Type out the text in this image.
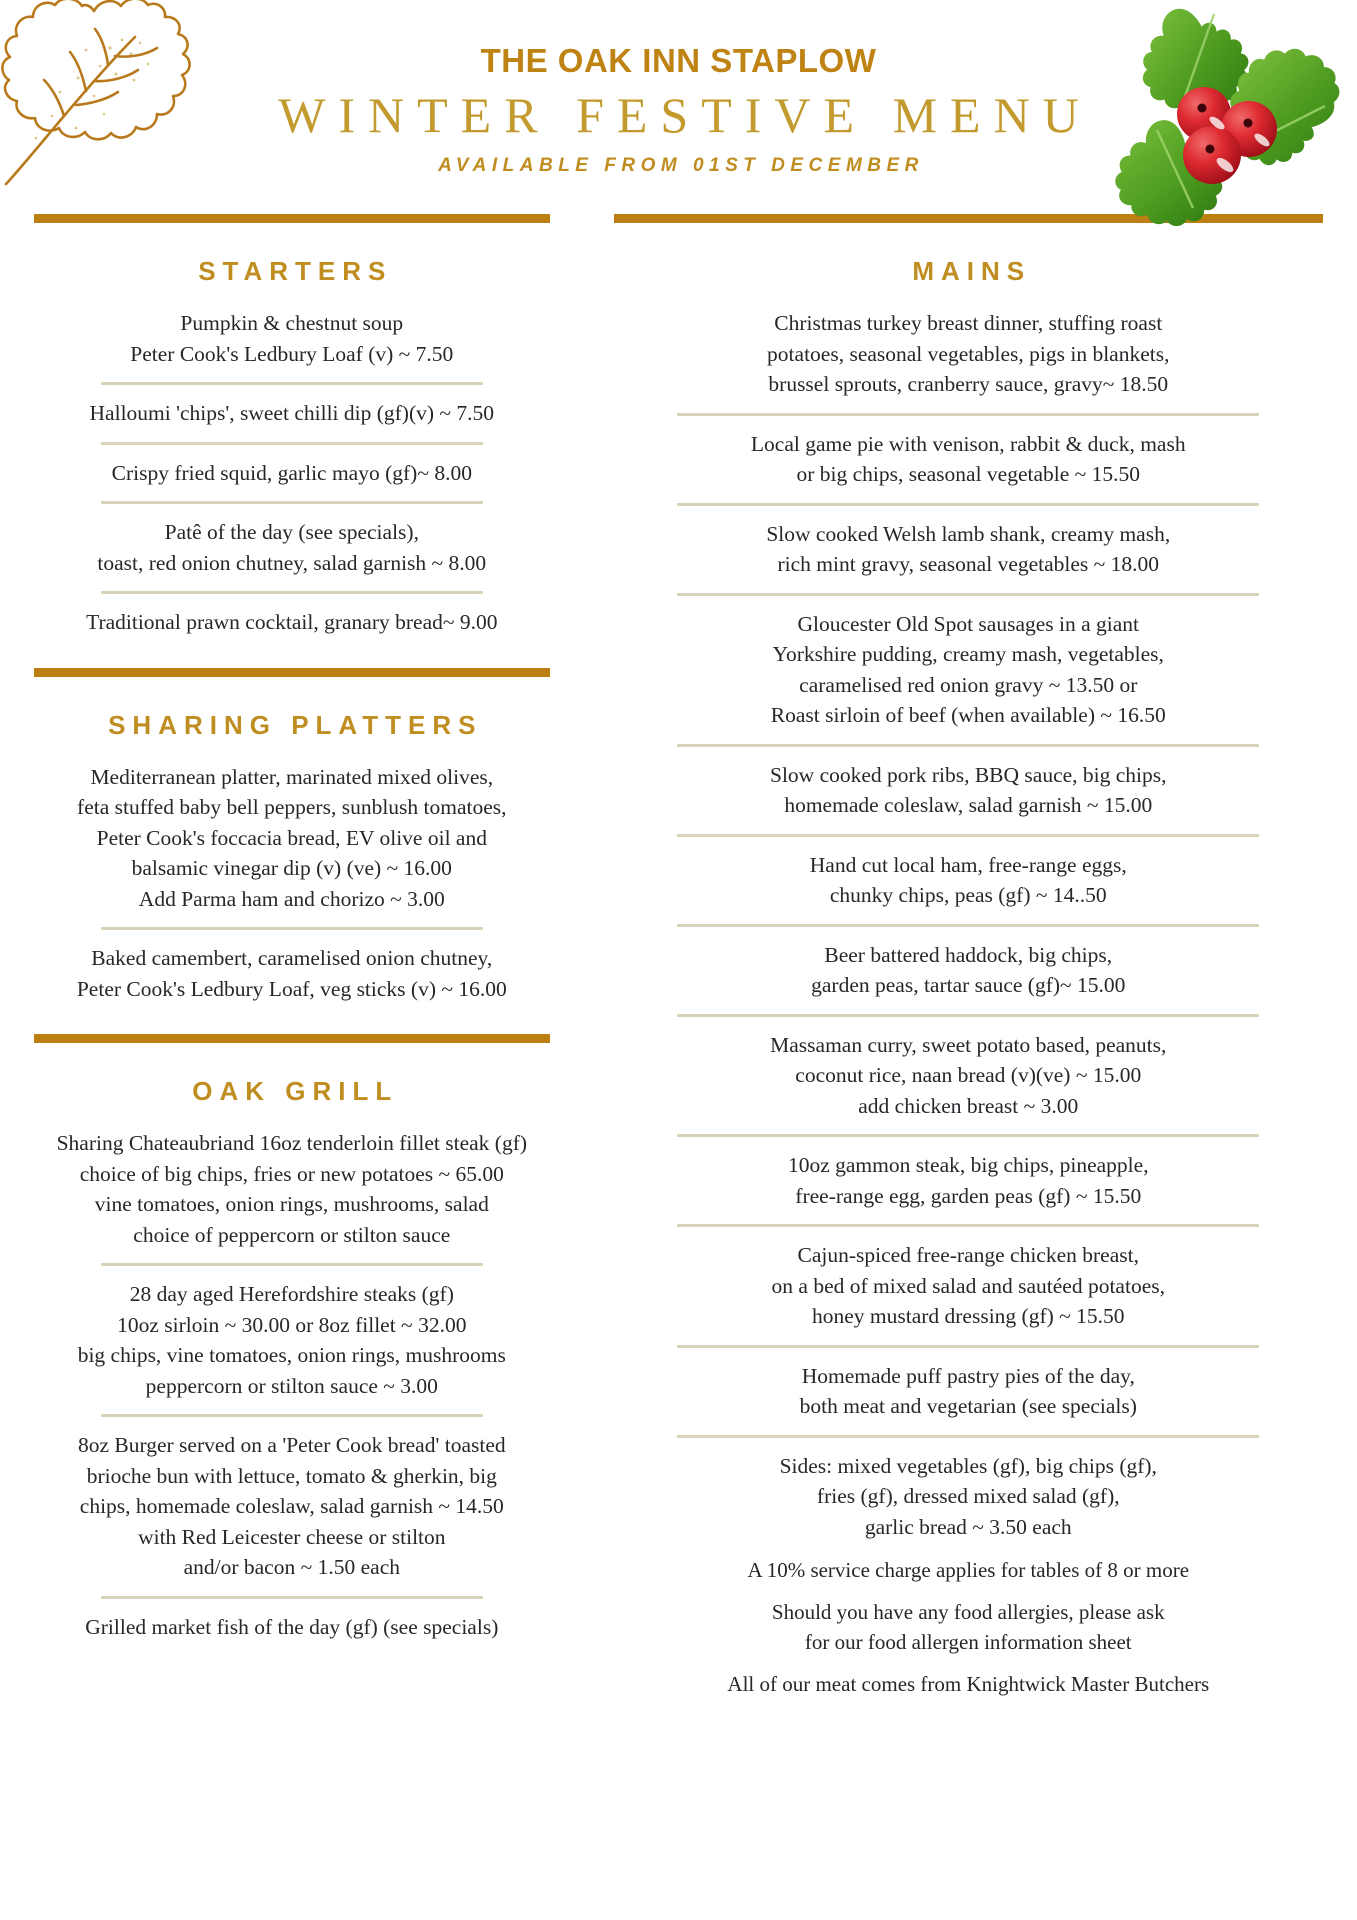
THE OAK INN STAPLOW
WINTER FESTIVE MENU
AVAILABLE FROM 01ST DECEMBER
STARTERS
Pumpkin & chestnut soup
Peter Cook's Ledbury Loaf (v) ~ 7.50
Halloumi 'chips', sweet chilli dip (gf)(v) ~ 7.50
Crispy fried squid, garlic mayo (gf)~ 8.00
Patê of the day (see specials),
toast, red onion chutney, salad garnish ~ 8.00
Traditional prawn cocktail, granary bread~ 9.00
SHARING PLATTERS
Mediterranean platter, marinated mixed olives,
feta stuffed baby bell peppers, sunblush tomatoes,
Peter Cook's foccacia bread, EV olive oil and
balsamic vinegar dip (v) (ve) ~ 16.00
Add Parma ham and chorizo ~ 3.00
Baked camembert, caramelised onion chutney,
Peter Cook's Ledbury Loaf, veg sticks (v) ~ 16.00
OAK GRILL
Sharing Chateaubriand 16oz tenderloin fillet steak (gf)
choice of big chips, fries or new potatoes ~ 65.00
vine tomatoes, onion rings, mushrooms, salad
choice of peppercorn or stilton sauce
28 day aged Herefordshire steaks (gf)
10oz sirloin ~ 30.00 or 8oz fillet ~ 32.00
big chips, vine tomatoes, onion rings, mushrooms
peppercorn or stilton sauce ~ 3.00
8oz Burger served on a 'Peter Cook bread' toasted
brioche bun with lettuce, tomato & gherkin, big
chips, homemade coleslaw, salad garnish ~ 14.50
with Red Leicester cheese or stilton
and/or bacon ~ 1.50 each
Grilled market fish of the day (gf) (see specials)
MAINS
Christmas turkey breast dinner, stuffing roast
potatoes, seasonal vegetables, pigs in blankets,
brussel sprouts, cranberry sauce, gravy~ 18.50
Local game pie with venison, rabbit & duck, mash
or big chips, seasonal vegetable ~ 15.50
Slow cooked Welsh lamb shank, creamy mash,
rich mint gravy, seasonal vegetables ~ 18.00
Gloucester Old Spot sausages in a giant
Yorkshire pudding, creamy mash, vegetables,
caramelised red onion gravy ~ 13.50 or
Roast sirloin of beef (when available) ~ 16.50
Slow cooked pork ribs, BBQ sauce, big chips,
homemade coleslaw, salad garnish ~ 15.00
Hand cut local ham, free-range eggs,
chunky chips, peas (gf) ~ 14..50
Beer battered haddock, big chips,
garden peas, tartar sauce (gf)~ 15.00
Massaman curry, sweet potato based, peanuts,
coconut rice, naan bread (v)(ve) ~ 15.00
add chicken breast ~ 3.00
10oz gammon steak, big chips, pineapple,
free-range egg, garden peas (gf) ~ 15.50
Cajun-spiced free-range chicken breast,
on a bed of mixed salad and sautéed potatoes,
honey mustard dressing (gf) ~ 15.50
Homemade puff pastry pies of the day,
both meat and vegetarian (see specials)
Sides: mixed vegetables (gf), big chips (gf),
fries (gf), dressed mixed salad (gf),
garlic bread ~ 3.50 each
A 10% service charge applies for tables of 8 or more
Should you have any food allergies, please ask
for our food allergen information sheet
All of our meat comes from Knightwick Master Butchers
